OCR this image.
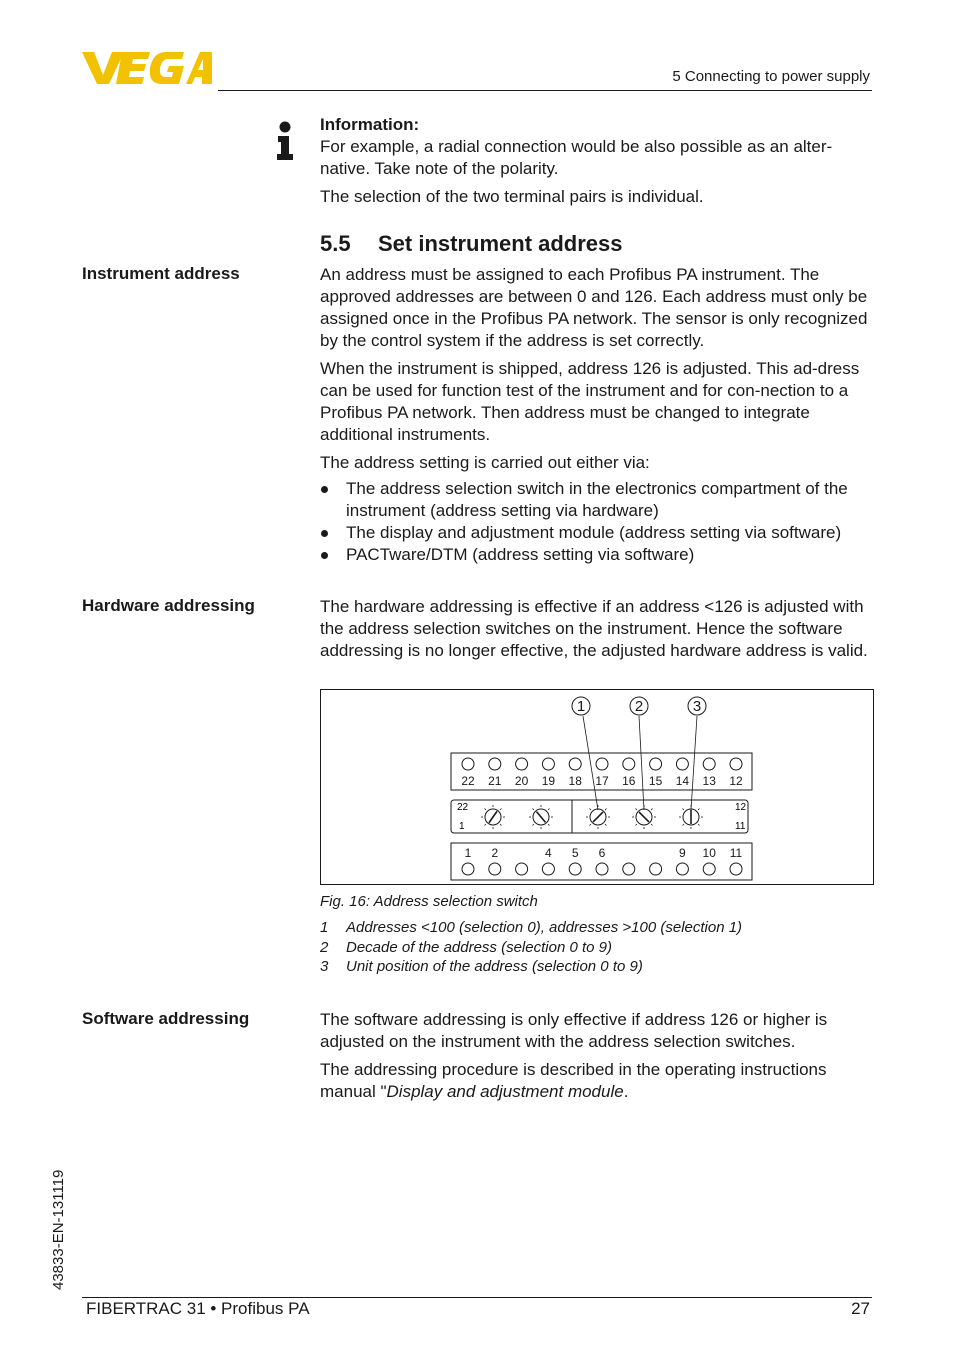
5 Connecting to power supply

Information:

For example, a radial connection would be also possible as an alter-native. Take note of the polarity.

The selection of the two terminal pairs is individual.

5.5 Set instrument address
Instrument address	An address must be assigned to each Profibus PA instrument. The approved addresses are between 0 and 126. Each address must only be assigned once in the Profibus PA network. The sensor is only recognized by the control system if the address is set correctly.

When the instrument is shipped, address 126 is adjusted. This ad-dress can be used for function test of the instrument and for con-nection to a Profibus PA network. Then address must be changed to integrate additional instruments.

The address setting is carried out either via:

The address selection switch in the electronics compartment of the instrument (address setting via hardware)
The display and adjustment module (address setting via software)
PACTware/DTM (address setting via software)
Hardware addressing	The hardware addressing is effective if an address <126 is adjusted with the address selection switches on the instrument. Hence the software addressing is no longer effective, the adjusted hardware address is valid.

1	2	3
22 21 20 19 18 17 16 15 14 13 12
22
1
12
11
1 2	4 5 6	9 10 11
Fig. 16: Address selection switch
1 Addresses <100 (selection 0), addresses >100 (selection 1)
2 Decade of the address (selection 0 to 9)
3 Unit position of the address (selection 0 to 9)
Software addressing	The software addressing is only effective if address 126 or higher is adjusted on the instrument with the address selection switches.

The addressing procedure is described in the operating instructions manual "Display and adjustment module.

43833-EN-131119
FIBERTRAC 31 • Profibus PA	27
